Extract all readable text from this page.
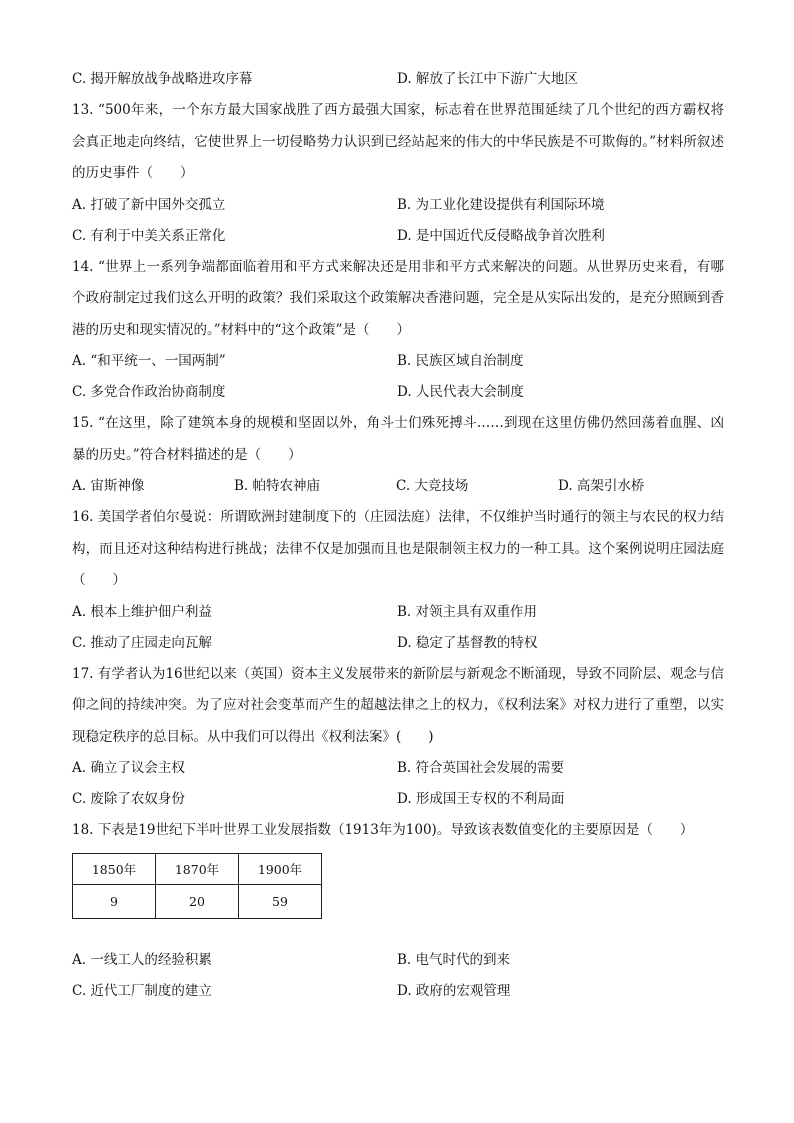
C. 揭开解放战争战略进攻序幕	D. 解放了长江中下游广大地区

13. “500年来，一个东方最大国家战胜了西方最强大国家，标志着在世界范围延续了几个世纪的西方霸权将会真正地走向终结，它使世界上一切侵略势力认识到已经站起来的伟大的中华民族是不可欺侮的。”材料所叙述的历史事件（　　）

A. 打破了新中国外交孤立	B. 为工业化建设提供有利国际环境
C. 有利于中美关系正常化	D. 是中国近代反侵略战争首次胜利

14. “世界上一系列争端都面临着用和平方式来解决还是用非和平方式来解决的问题。从世界历史来看，有哪个政府制定过我们这么开明的政策？我们采取这个政策解决香港问题，完全是从实际出发的，是充分照顾到香港的历史和现实情况的。”材料中的“这个政策”是（　　）

A. “和平统一、一国两制”	B. 民族区域自治制度
C. 多党合作政治协商制度	D. 人民代表大会制度

15. “在这里，除了建筑本身的规模和坚固以外，角斗士们殊死搏斗……到现在这里仿佛仍然回荡着血腥、凶暴的历史。”符合材料描述的是（　　）

A. 宙斯神像	B. 帕特农神庙	C. 大竞技场	D. 高架引水桥

16. 美国学者伯尔曼说：所谓欧洲封建制度下的（庄园法庭）法律，不仅维护当时通行的领主与农民的权力结构，而且还对这种结构进行挑战；法律不仅是加强而且也是限制领主权力的一种工具。这个案例说明庄园法庭（　　）

A. 根本上维护佃户利益	B. 对领主具有双重作用
C. 推动了庄园走向瓦解	D. 稳定了基督教的特权

17. 有学者认为16世纪以来（英国）资本主义发展带来的新阶层与新观念不断涌现，导致不同阶层、观念与信仰之间的持续冲突。为了应对社会变革而产生的超越法律之上的权力，《权利法案》对权力进行了重塑，以实现稳定秩序的总目标。从中我们可以得出《权利法案》(　　)

A. 确立了议会主权	B. 符合英国社会发展的需要
C. 废除了农奴身份	D. 形成国王专权的不利局面

18. 下表是19世纪下半叶世界工业发展指数（1913年为100)。导致该表数值变化的主要原因是（　　）

1850年	1870年	1900年
9	20	59
A. 一线工人的经验积累	B. 电气时代的到来
C. 近代工厂制度的建立	D. 政府的宏观管理
